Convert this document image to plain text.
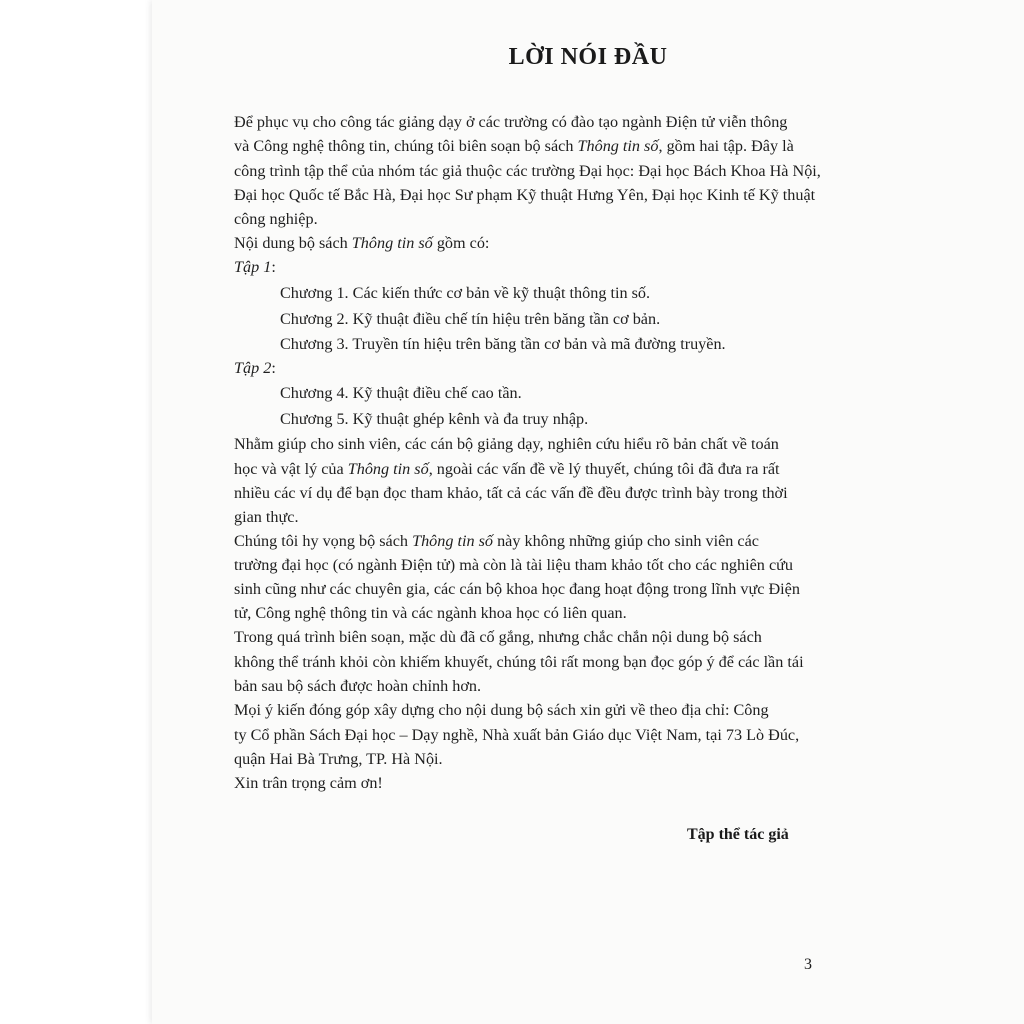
LỜI NÓI ĐẦU
Để phục vụ cho công tác giảng dạy ở các trường có đào tạo ngành Điện tử viễn thông
và Công nghệ thông tin, chúng tôi biên soạn bộ sách Thông tin số, gồm hai tập. Đây là
công trình tập thể của nhóm tác giả thuộc các trường Đại học: Đại học Bách Khoa Hà Nội,
Đại học Quốc tế Bắc Hà, Đại học Sư phạm Kỹ thuật Hưng Yên, Đại học Kinh tế Kỹ thuật
công nghiệp.
Nội dung bộ sách Thông tin số gồm có:
Tập 1:
Chương 1. Các kiến thức cơ bản về kỹ thuật thông tin số.
Chương 2. Kỹ thuật điều chế tín hiệu trên băng tần cơ bản.
Chương 3. Truyền tín hiệu trên băng tần cơ bản và mã đường truyền.
Tập 2:
Chương 4. Kỹ thuật điều chế cao tần.
Chương 5. Kỹ thuật ghép kênh và đa truy nhập.
Nhằm giúp cho sinh viên, các cán bộ giảng dạy, nghiên cứu hiểu rõ bản chất về toán
học và vật lý của Thông tin số, ngoài các vấn đề về lý thuyết, chúng tôi đã đưa ra rất
nhiều các ví dụ để bạn đọc tham khảo, tất cả các vấn đề đều được trình bày trong thời
gian thực.
Chúng tôi hy vọng bộ sách Thông tin số này không những giúp cho sinh viên các
trường đại học (có ngành Điện tử) mà còn là tài liệu tham khảo tốt cho các nghiên cứu
sinh cũng như các chuyên gia, các cán bộ khoa học đang hoạt động trong lĩnh vực Điện
tử, Công nghệ thông tin và các ngành khoa học có liên quan.
Trong quá trình biên soạn, mặc dù đã cố gắng, nhưng chắc chắn nội dung bộ sách
không thể tránh khỏi còn khiếm khuyết, chúng tôi rất mong bạn đọc góp ý để các lần tái
bản sau bộ sách được hoàn chỉnh hơn.
Mọi ý kiến đóng góp xây dựng cho nội dung bộ sách xin gửi về theo địa chỉ: Công
ty Cổ phần Sách Đại học – Dạy nghề, Nhà xuất bản Giáo dục Việt Nam, tại 73 Lò Đúc,
quận Hai Bà Trưng, TP. Hà Nội.
Xin trân trọng cảm ơn!
Tập thể tác giả
3
